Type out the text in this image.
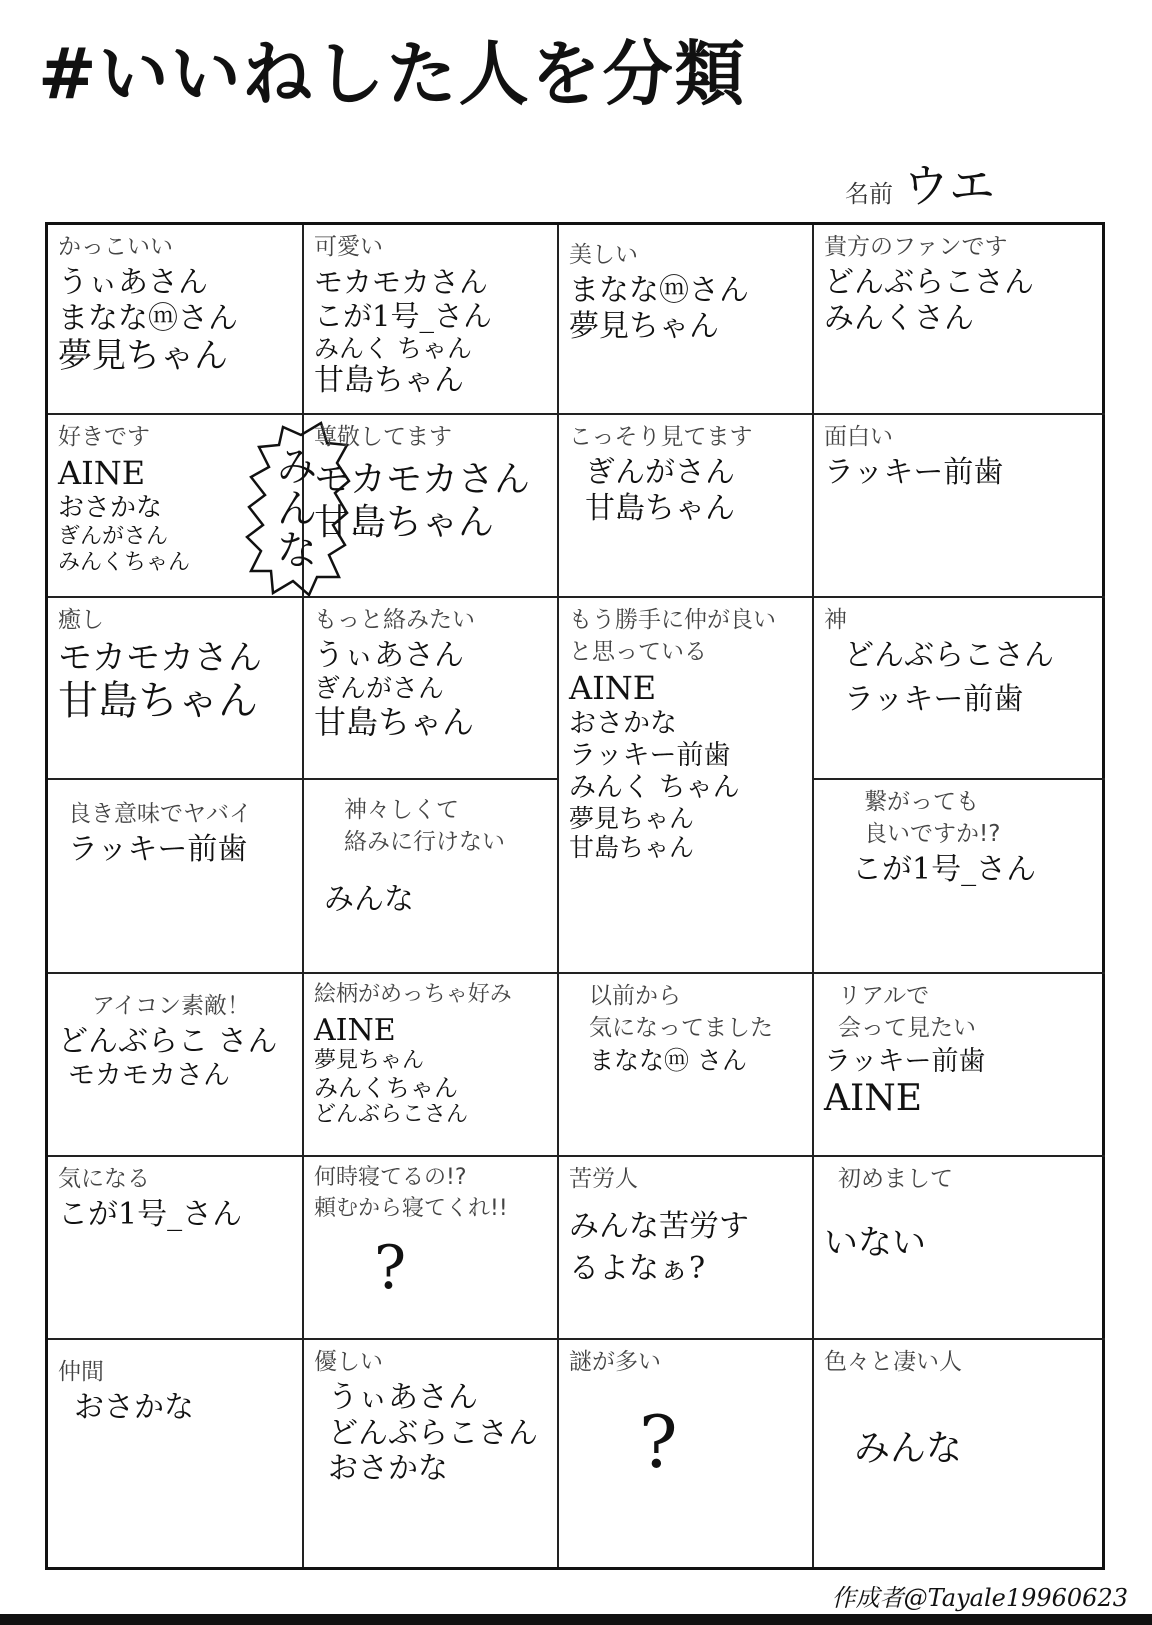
#いいねした人を分類
名前 ウエ
かっこいい
うぃあさん
まななⓜさん
夢見ちゃん
可愛い
モカモカさん
こが1号_さん
みんく ちゃん
甘島ちゃん
美しい
まななⓜさん
夢見ちゃん
貴方のファンです
どんぶらこさん
みんくさん
好きです
AINE
おさかな
ぎんがさん
みんくちゃん
み
ん
な
尊敬してます
モカモカさん
甘島ちゃん
こっそり見てます
ぎんがさん
甘島ちゃん
面白い
ラッキー前歯
癒し
モカモカさん
甘島ちゃん
もっと絡みたい
うぃあさん
ぎんがさん
甘島ちゃん
もう勝手に仲が良い
と思っている
AINE
おさかな
ラッキー前歯
みんく ちゃん
夢見ちゃん
甘島ちゃん
神
どんぶらこさん
ラッキー前歯
良き意味でヤバイ
ラッキー前歯
神々しくて
絡みに行けない
みんな
繋がっても
良いですか!?
こが1号_さん
アイコン素敵！
どんぶらこ さん
モカモカさん
絵柄がめっちゃ好み
AINE
夢見ちゃん
みんくちゃん
どんぶらこさん
以前から
気になってました
まななⓜ さん
リアルで
会って見たい
ラッキー前歯
AINE
気になる
こが1号_さん
何時寝てるの!?
頼むから寝てくれ!!
?
苦労人
みんな苦労す
るよなぁ?
初めまして
いない
仲間
おさかな
優しい
うぃあさん
どんぶらこさん
おさかな
謎が多い
?
色々と凄い人
みんな
作成者@Tayale19960623
